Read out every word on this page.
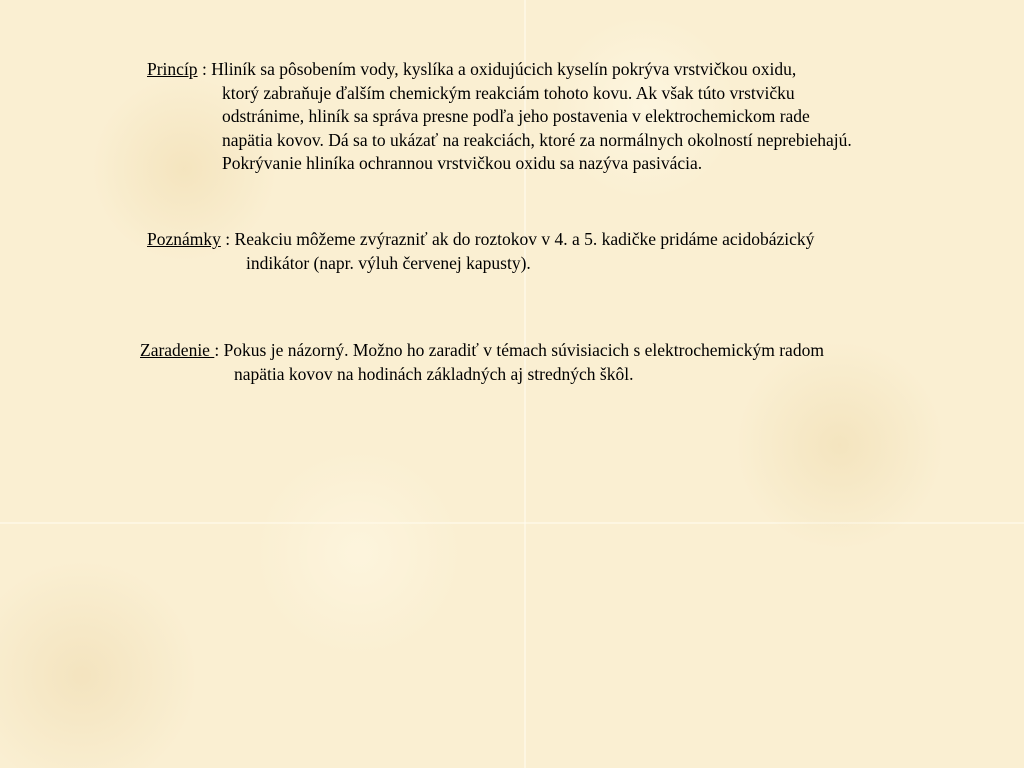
Princíp : Hliník sa pôsobením vody, kyslíka a oxidujúcich kyselín pokrýva vrstvičkou oxidu,
ktorý zabraňuje ďalším chemickým reakciám tohoto kovu. Ak však túto vrstvičku
odstránime, hliník sa správa presne podľa jeho postavenia v elektrochemickom rade
napätia kovov. Dá sa to ukázať na reakciách, ktoré za normálnych okolností neprebiehajú.
Pokrývanie hliníka ochrannou vrstvičkou oxidu sa nazýva pasivácia.
Poznámky : Reakciu môžeme zvýrazniť ak do roztokov v 4. a 5. kadičke pridáme acidobázický
indikátor (napr. výluh červenej kapusty).
Zaradenie : Pokus je názorný. Možno ho zaradiť v témach súvisiacich s elektrochemickým radom
napätia kovov na hodinách základných aj stredných škôl.
